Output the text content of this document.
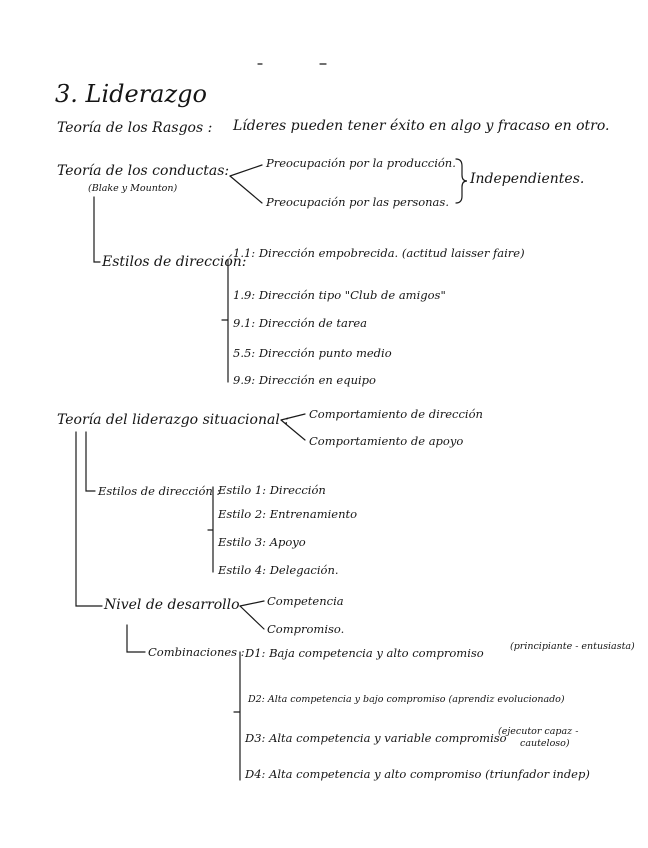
3. Liderazgo
Teoría de los Rasgos : Líderes pueden tener éxito en algo y fracaso en otro.
Teoría de los conductas:
(Blake y Mounton)
Preocupación por la producción.
Preocupación por las personas.
Independientes.
Estilos de dirección:
1.1: Dirección empobrecida. (actitud laisser faire)
1.9: Dirección tipo "Club de amigos"
9.1: Dirección de tarea
5.5: Dirección punto medio
9.9: Dirección en equipo
Teoría del liderazgo situacional : Comportamiento de dirección
Comportamiento de apoyo
Estilos de dirección :
Estilo 1: Dirección
Estilo 2: Entrenamiento
Estilo 3: Apoyo
Estilo 4: Delegación.
Nivel de desarrollo Competencia
Compromiso.
Combinaciones : D1: Baja competencia y alto compromiso	(principiante - entusiasta)
D2: Alta competencia y bajo compromiso (aprendiz evolucionado)
D3: Alta competencia y variable compromiso
(ejecutor capaz -
cauteloso)
D4: Alta competencia y alto compromiso (triunfador indep)
